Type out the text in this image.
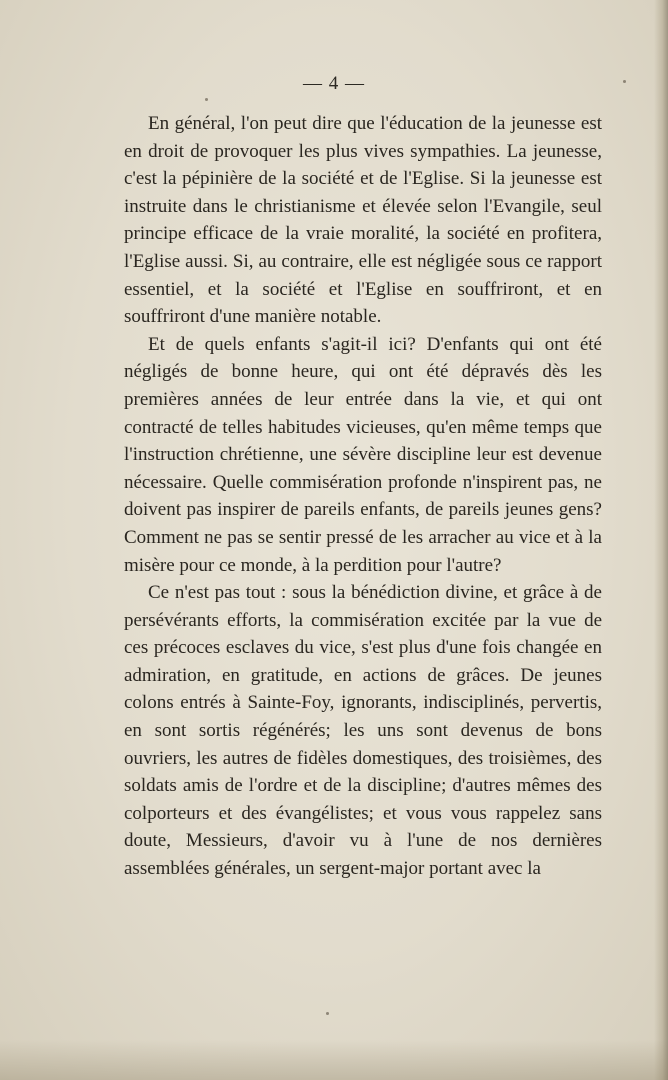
— 4 —

En général, l'on peut dire que l'éducation de la jeunesse est en droit de provoquer les plus vives sympathies. La jeunesse, c'est la pépinière de la société et de l'Eglise. Si la jeunesse est instruite dans le christianisme et élevée selon l'Evangile, seul principe efficace de la vraie moralité, la société en profitera, l'Eglise aussi. Si, au contraire, elle est négligée sous ce rapport essentiel, et la société et l'Eglise en souffriront, et en souffriront d'une manière notable.

Et de quels enfants s'agit-il ici? D'enfants qui ont été négligés de bonne heure, qui ont été dépravés dès les premières années de leur entrée dans la vie, et qui ont contracté de telles habitudes vicieuses, qu'en même temps que l'instruction chrétienne, une sévère discipline leur est devenue nécessaire. Quelle commisération profonde n'inspirent pas, ne doivent pas inspirer de pareils enfants, de pareils jeunes gens? Comment ne pas se sentir pressé de les arracher au vice et à la misère pour ce monde, à la perdition pour l'autre?

Ce n'est pas tout : sous la bénédiction divine, et grâce à de persévérants efforts, la commisération excitée par la vue de ces précoces esclaves du vice, s'est plus d'une fois changée en admiration, en gratitude, en actions de grâces. De jeunes colons entrés à Sainte-Foy, ignorants, indisciplinés, pervertis, en sont sortis régénérés; les uns sont devenus de bons ouvriers, les autres de fidèles domestiques, des troisièmes, des soldats amis de l'ordre et de la discipline; d'autres mêmes des colporteurs et des évangélistes; et vous vous rappelez sans doute, Messieurs, d'avoir vu à l'une de nos dernières assemblées générales, un sergent-major portant avec la
